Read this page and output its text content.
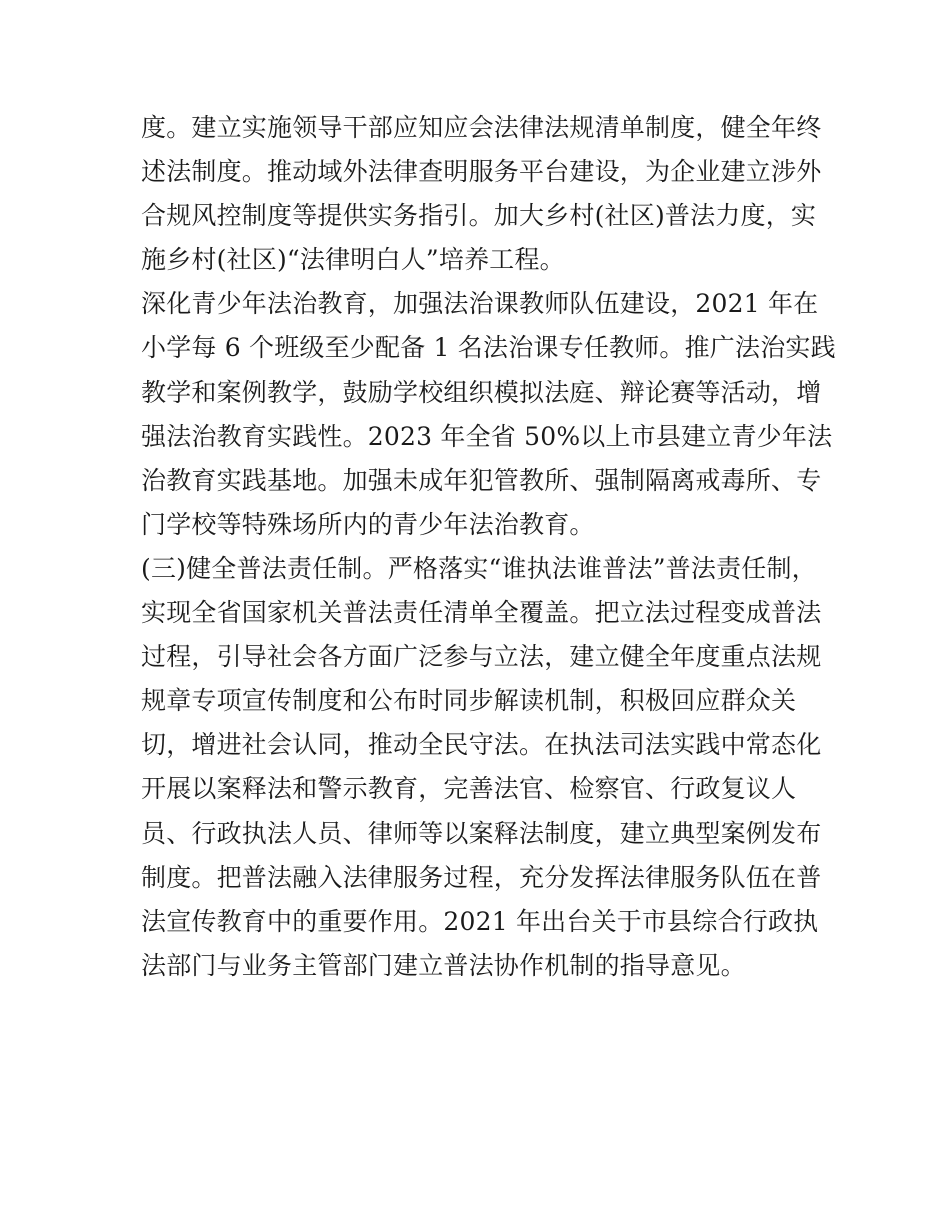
度。建立实施领导干部应知应会法律法规清单制度，健全年终
述法制度。推动域外法律查明服务平台建设，为企业建立涉外
合规风控制度等提供实务指引。加大乡村(社区)普法力度，实
施乡村(社区)“法律明白人”培养工程。
深化青少年法治教育，加强法治课教师队伍建设，2021 年在
小学每 6 个班级至少配备 1 名法治课专任教师。推广法治实践
教学和案例教学，鼓励学校组织模拟法庭、辩论赛等活动，增
强法治教育实践性。2023 年全省 50%以上市县建立青少年法
治教育实践基地。加强未成年犯管教所、强制隔离戒毒所、专
门学校等特殊场所内的青少年法治教育。
(三)健全普法责任制。严格落实“谁执法谁普法”普法责任制，
实现全省国家机关普法责任清单全覆盖。把立法过程变成普法
过程，引导社会各方面广泛参与立法，建立健全年度重点法规
规章专项宣传制度和公布时同步解读机制，积极回应群众关
切，增进社会认同，推动全民守法。在执法司法实践中常态化
开展以案释法和警示教育，完善法官、检察官、行政复议人
员、行政执法人员、律师等以案释法制度，建立典型案例发布
制度。把普法融入法律服务过程，充分发挥法律服务队伍在普
法宣传教育中的重要作用。2021 年出台关于市县综合行政执
法部门与业务主管部门建立普法协作机制的指导意见。
